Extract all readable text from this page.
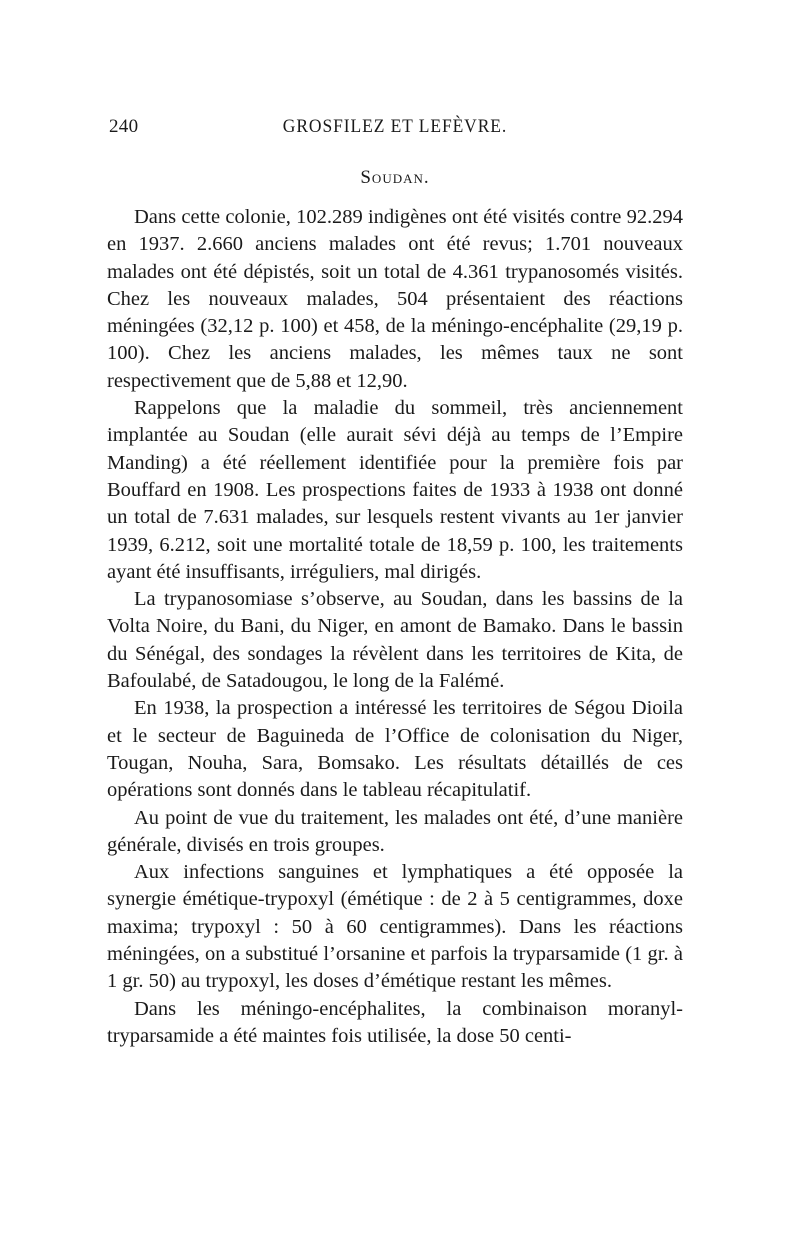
240	GROSFILEZ ET LEFÈVRE.
Soudan.

Dans cette colonie, 102.289 indigènes ont été visités contre 92.294 en 1937. 2.660 anciens malades ont été revus; 1.701 nouveaux malades ont été dépistés, soit un total de 4.361 trypanosomés visités. Chez les nouveaux malades, 504 présentaient des réactions méningées (32,12 p. 100) et 458, de la méningo-encéphalite (29,19 p. 100). Chez les anciens malades, les mêmes taux ne sont respectivement que de 5,88 et 12,90.

Rappelons que la maladie du sommeil, très anciennement implantée au Soudan (elle aurait sévi déjà au temps de l’Empire Manding) a été réellement identifiée pour la première fois par Bouffard en 1908. Les prospections faites de 1933 à 1938 ont donné un total de 7.631 malades, sur lesquels restent vivants au 1er janvier 1939, 6.212, soit une mortalité totale de 18,59 p. 100, les traitements ayant été insuffisants, irréguliers, mal dirigés.

La trypanosomiase s’observe, au Soudan, dans les bassins de la Volta Noire, du Bani, du Niger, en amont de Bamako. Dans le bassin du Sénégal, des sondages la révèlent dans les territoires de Kita, de Bafoulabé, de Satadougou, le long de la Falémé.

En 1938, la prospection a intéressé les territoires de Ségou Dioila et le secteur de Baguineda de l’Office de colonisation du Niger, Tougan, Nouha, Sara, Bomsako. Les résultats détaillés de ces opérations sont donnés dans le tableau récapitulatif.

Au point de vue du traitement, les malades ont été, d’une manière générale, divisés en trois groupes.

Aux infections sanguines et lymphatiques a été opposée la synergie émétique-trypoxyl (émétique : de 2 à 5 centigrammes, doxe maxima; trypoxyl : 50 à 60 centigrammes). Dans les réactions méningées, on a substitué l’orsanine et parfois la tryparsamide (1 gr. à 1 gr. 50) au trypoxyl, les doses d’émétique restant les mêmes.

Dans les méningo-encéphalites, la combinaison moranyl-tryparsamide a été maintes fois utilisée, la dose 50 centi-
